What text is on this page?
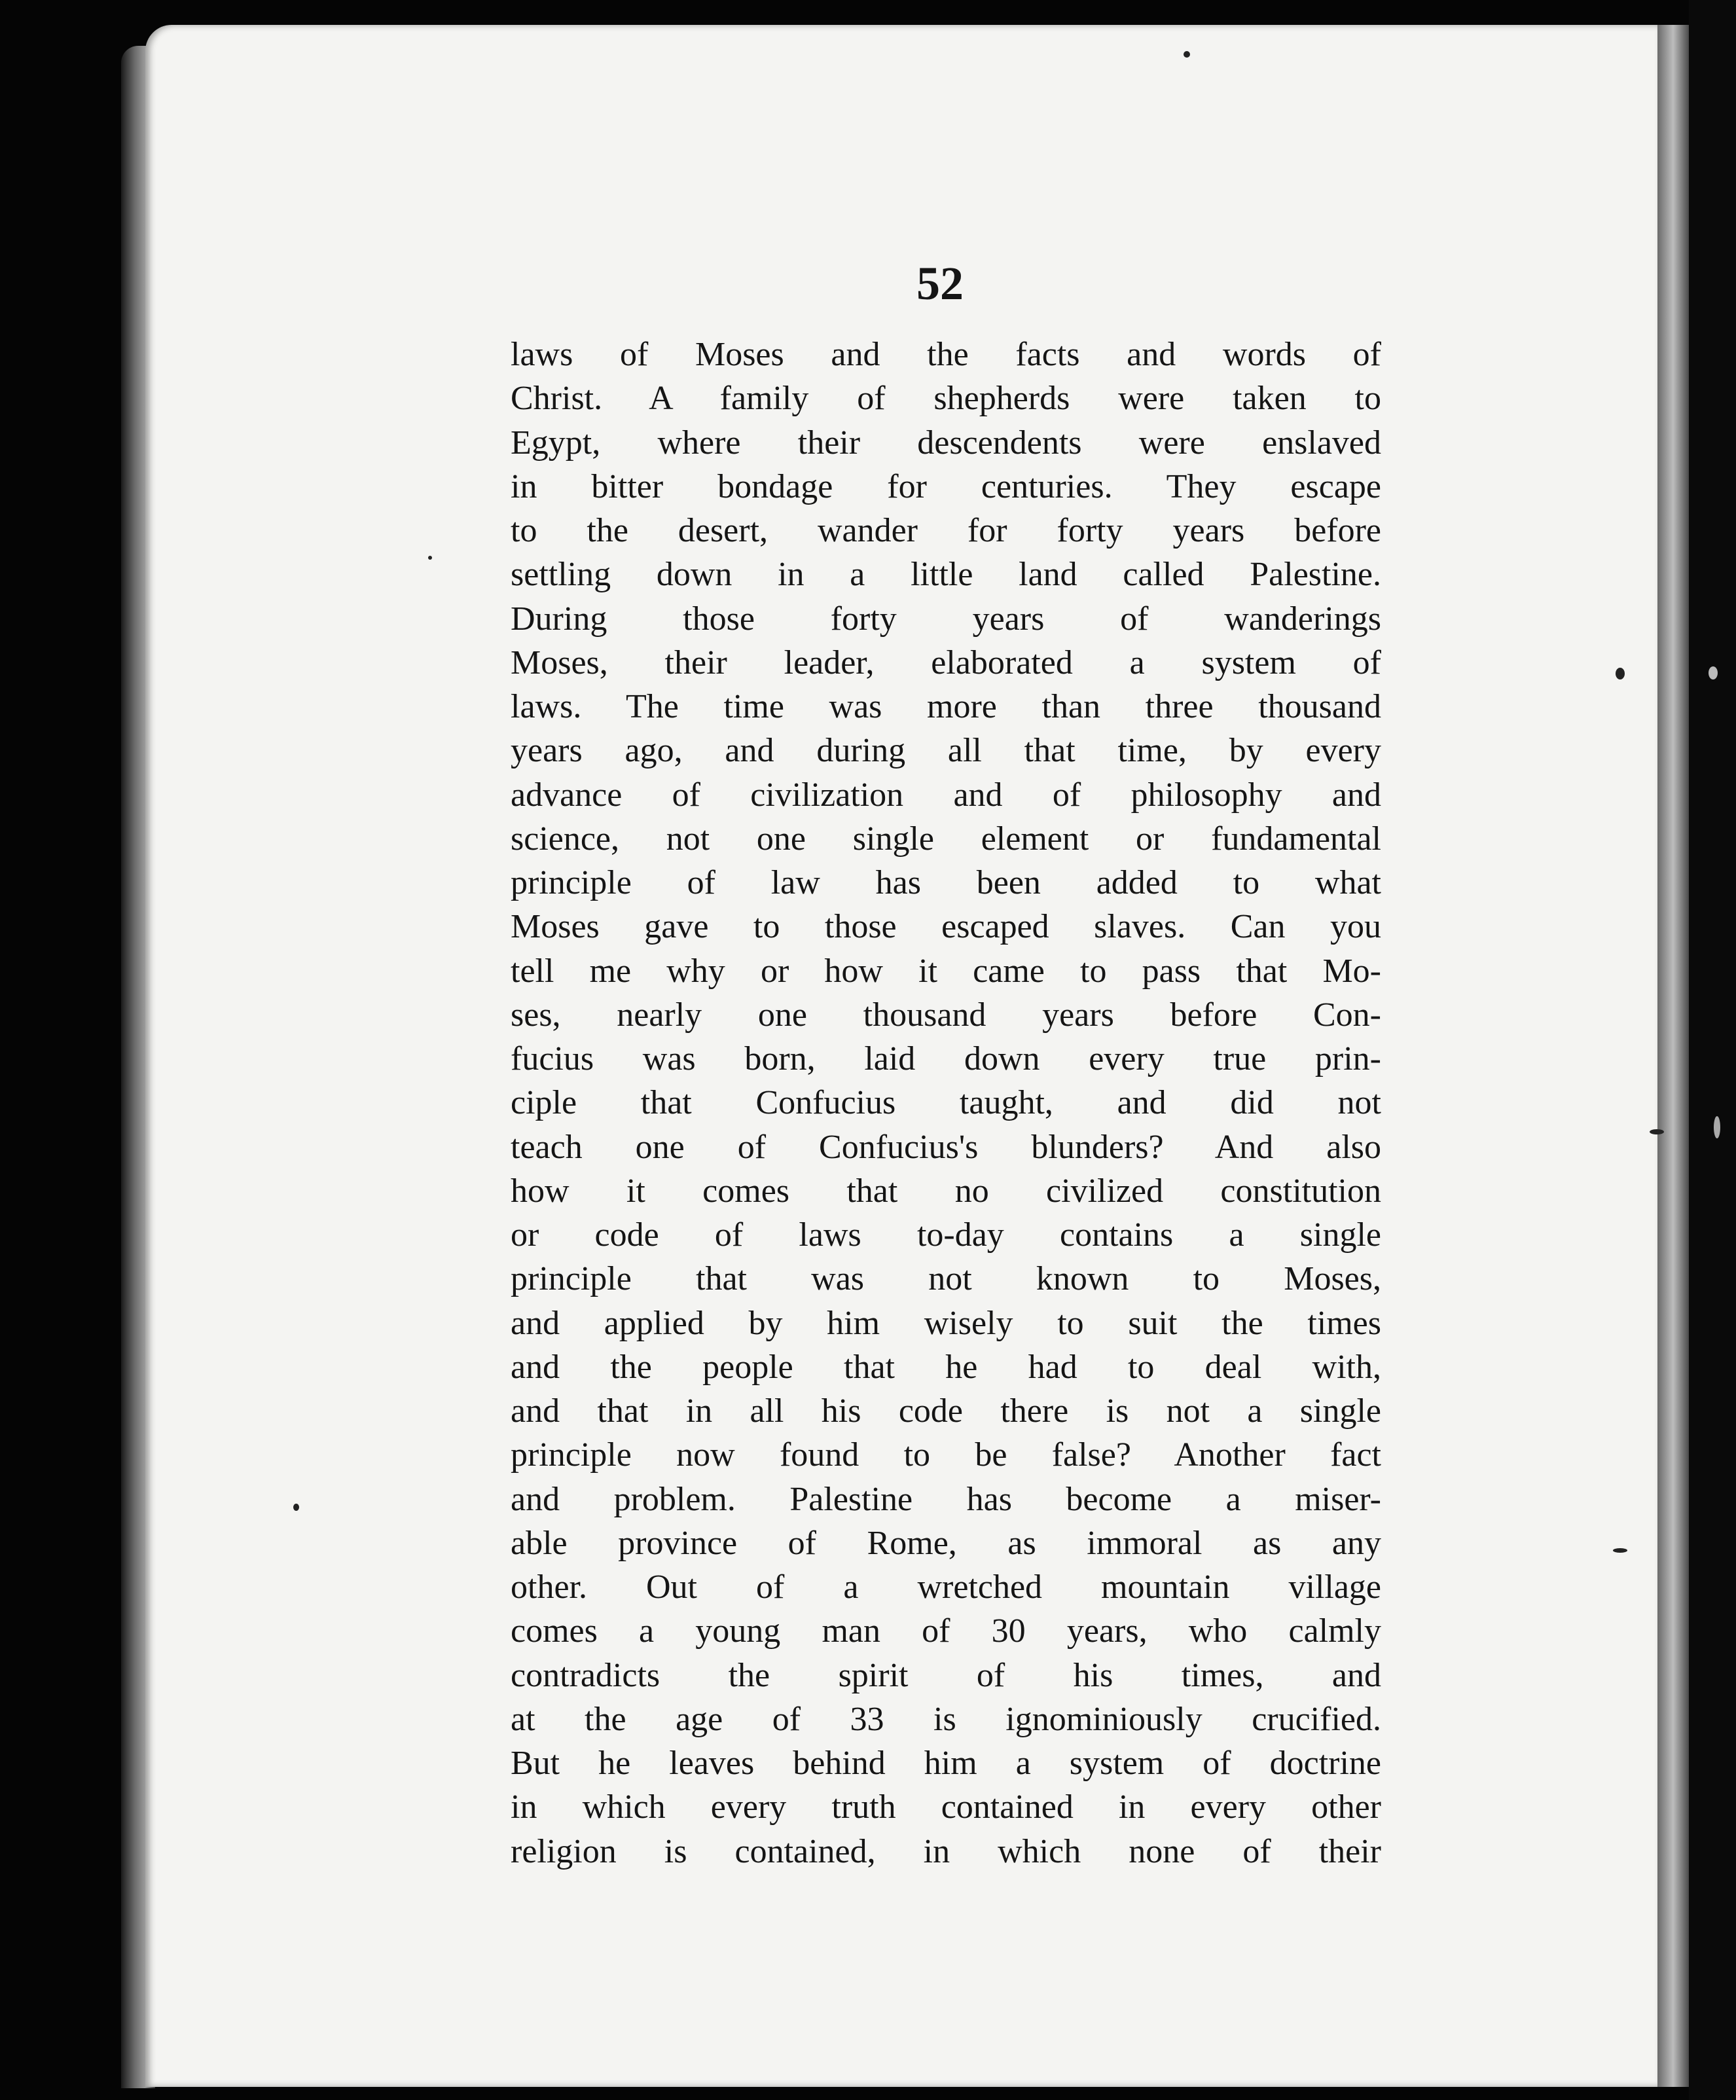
52
laws of Moses and the facts and words of
Christ. A family of shepherds were taken to
Egypt, where their descendents were enslaved
in bitter bondage for centuries. They escape
to the desert, wander for forty years before
settling down in a little land called Palestine.
During those forty years of wanderings
Moses, their leader, elaborated a system of
laws. The time was more than three thousand
years ago, and during all that time, by every
advance of civilization and of philosophy and
science, not one single element or fundamental
principle of law has been added to what
Moses gave to those escaped slaves. Can you
tell me why or how it came to pass that Mo-
ses, nearly one thousand years before Con-
fucius was born, laid down every true prin-
ciple that Confucius taught, and did not
teach one of Confucius's blunders? And also
how it comes that no civilized constitution
or code of laws to-day contains a single
principle that was not known to Moses,
and applied by him wisely to suit the times
and the people that he had to deal with,
and that in all his code there is not a single
principle now found to be false? Another fact
and problem. Palestine has become a miser-
able province of Rome, as immoral as any
other. Out of a wretched mountain village
comes a young man of 30 years, who calmly
contradicts the spirit of his times, and
at the age of 33 is ignominiously crucified.
But he leaves behind him a system of doctrine
in which every truth contained in every other
religion is contained, in which none of their
